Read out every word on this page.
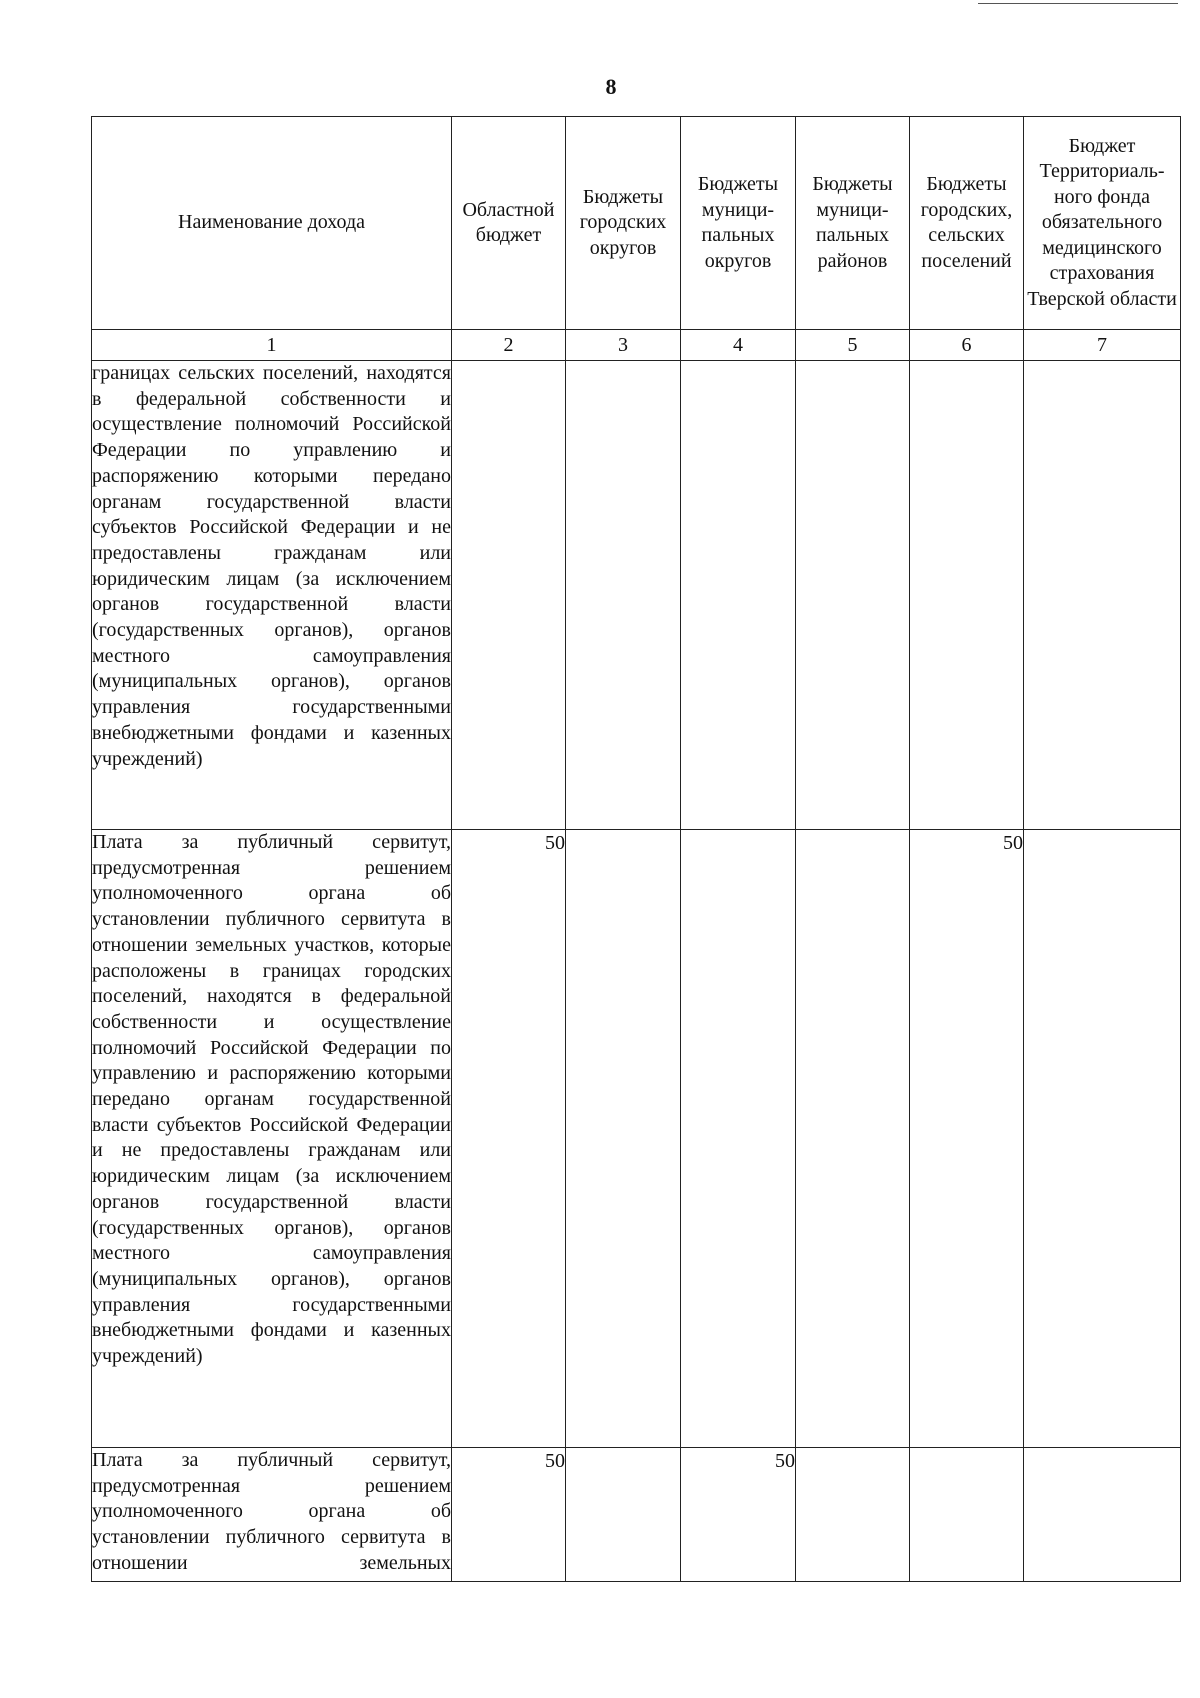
8
Наименование дохода	Областной бюджет	Бюджеты городских округов	Бюджеты муници-пальных округов	Бюджеты муници-пальных районов	Бюджеты городских, сельских поселений	Бюджет Территориаль-ного фонда обязательного медицинского страхования Тверской области
1	2	3	4	5	6	7

границах сельских поселений, находятся в федеральной собственности и осуществление полномочий Российской Федерации по управлению и распоряжению которыми передано органам государственной власти субъектов Российской Федерации и не предоставлены гражданам или юридическим лицам (за исключением органов государственной власти (государственных органов), органов местного самоуправления (муниципальных органов), органов управления государственными внебюджетными фондами и казенных учреждений)						

Плата за публичный сервитут, предусмотренная решением уполномоченного органа об установлении публичного сервитута в отношении земельных участков, которые расположены в границах городских поселений, находятся в федеральной собственности и осуществление полномочий Российской Федерации по управлению и распоряжению которыми передано органам государственной власти субъектов Российской Федерации и не предоставлены гражданам или юридическим лицам (за исключением органов государственной власти (государственных органов), органов местного самоуправления (муниципальных органов), органов управления государственными внебюджетными фондами и казенных учреждений)	50				50	

Плата за публичный сервитут, предусмотренная решением уполномоченного органа об установлении публичного сервитута в отношении земельных	50		50			
